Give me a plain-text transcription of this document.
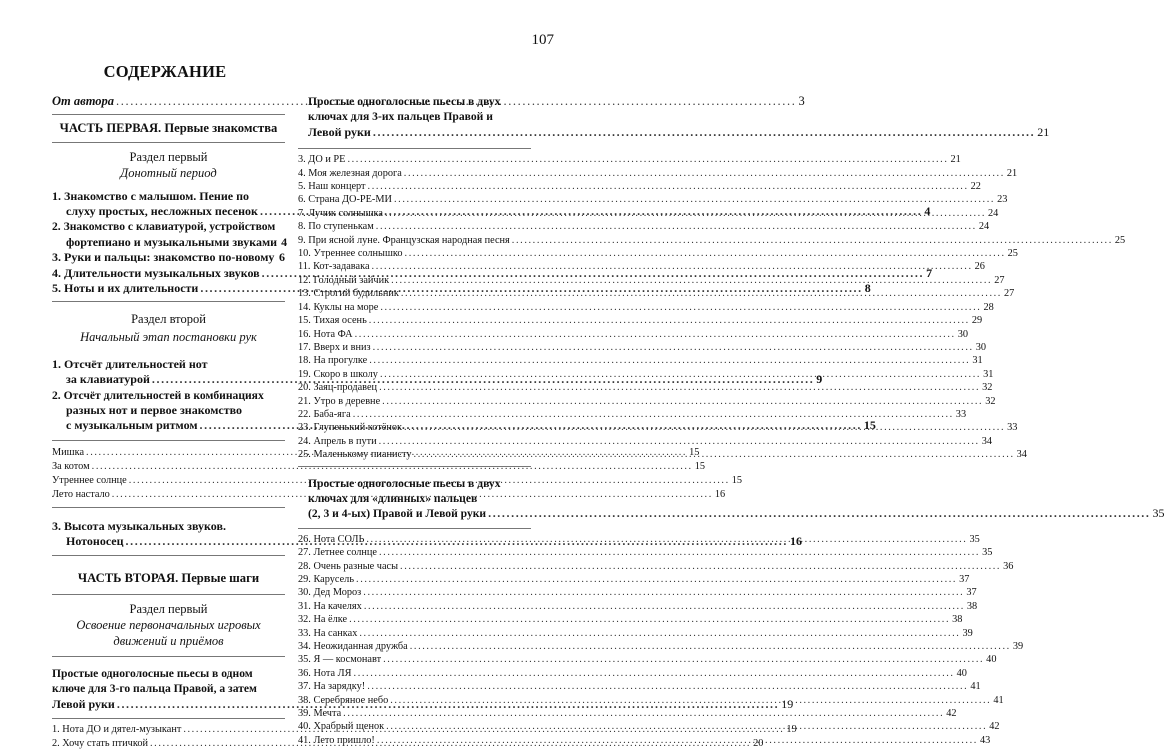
107
СОДЕРЖАНИЕ
От автора .....	3
ЧАСТЬ ПЕРВАЯ. Первые знакомства
Раздел первый
Донотный период
1. Знакомство с малышом. Пение по
слуху простых, несложных песенок .....	4
2. Знакомство с клавиатурой, устройством
фортепиано и музыкальными звуками 4
3. Руки и пальцы: знакомство по-новому ..... 6
4. Длительности музыкальных звуков .....	7
5. Ноты и их длительности .....	8
Раздел второй
Начальный этап постановки рук
1. Отсчёт длительностей нот
за клавиатурой .....	9
2. Отсчёт длительностей в комбинациях
разных нот и первое знакомство
с музыкальным ритмом .....	15
Мишка .....	15
За котом .....	15
Утреннее солнце .....	15
Лето настало .....	16
3. Высота музыкальных звуков.
Нотоносец .....	16
ЧАСТЬ ВТОРАЯ. Первые шаги
Раздел первый
Освоение первоначальных игровых
движений и приёмов
Простые одноголосные пьесы в одном
ключе для 3-го пальца Правой, а затем
Левой руки .....	19
1. Нота ДО и дятел-музыкант .....	19
2. Хочу стать птичкой .....	20
Простые одноголосные пьесы в двух
ключах для 3-их пальцев Правой и
Левой руки .....	21
3. ДО и РЕ .....	21
4. Моя железная дорога .....	21
5. Наш концерт .....	22
6. Страна ДО-РЕ-МИ .....	23
7. Лучик солнышка .....	24
8. По ступенькам .....	24
9. При ясной луне. Французская народная песня .....	25
10. Утреннее солнышко .....	25
11. Кот-задавака .....	26
12. Голодный зайчик .....	27
13. Строгий будильник .....	27
14. Куклы на море .....	28
15. Тихая осень .....	29
16. Нота ФА .....	30
17. Вверх и вниз .....	30
18. На прогулке .....	31
19. Скоро в школу .....	31
20. Заяц-продавец .....	32
21. Утро в деревне .....	32
22. Баба-яга .....	33
23. Глупенький котёнок .....	33
24. Апрель в пути .....	34
25. Маленькому пианисту .....	34
Простые одноголосные пьесы в двух
ключах для «длинных» пальцев
(2, 3 и 4-ых) Правой и Левой руки .....	35
26. Нота СОЛЬ .....	35
27. Летнее солнце .....	35
28. Очень разные часы .....	36
29. Карусель .....	37
30. Дед Мороз .....	37
31. На качелях .....	38
32. На ёлке .....	38
33. На санках .....	39
34. Неожиданная дружба .....	39
35. Я — космонавт .....	40
36. Нота ЛЯ .....	40
37. На зарядку! .....	41
38. Серебряное небо .....	41
39. Мечта .....	42
40. Храбрый щенок .....	42
41. Лето пришло! .....	43
